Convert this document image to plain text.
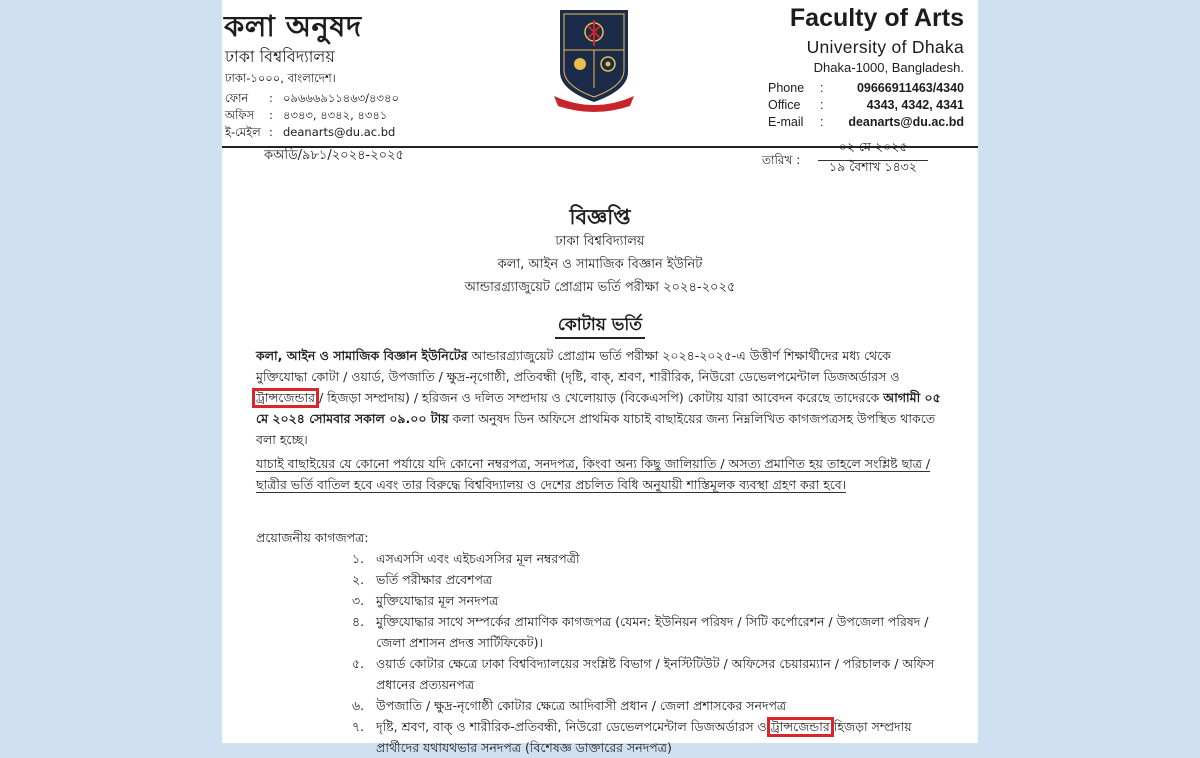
কলা অনুষদ
ঢাকা বিশ্ববিদ্যালয়
ঢাকা-১০০০, বাংলাদেশ।
ফোন : ০৯৬৬৬৯১১৪৬৩/৪৩৪০
অফিস : ৪৩৪৩, ৪৩৪২, ৪৩৪১
ই-মেইল : deanarts@du.ac.bd
Faculty of Arts
University of Dhaka
Dhaka-1000, Bangladesh.
Phone :	09666911463/4340
Office :	4343, 4342, 4341
E-mail : deanarts@du.ac.bd
কঅডি/৯৮১/২০২৪-২০২৫	তারিখ :
০২ মে ২০২৫
১৯ বৈশাখ ১৪৩২
বিজ্ঞপ্তি
ঢাকা বিশ্ববিদ্যালয়
কলা, আইন ও সামাজিক বিজ্ঞান ইউনিট
আন্ডারগ্র্যাজুয়েট প্রোগ্রাম ভর্তি পরীক্ষা ২০২৪-২০২৫
কোটায় ভর্তি
কলা, আইন ও সামাজিক বিজ্ঞান ইউনিটের আন্ডারগ্র্যাজুয়েট প্রোগ্রাম ভর্তি পরীক্ষা ২০২৪-২০২৫-এ উত্তীর্ণ শিক্ষার্থীদের মধ্য থেকে মুক্তিযোদ্ধা কোটা / ওয়ার্ড, উপজাতি / ক্ষুদ্র-নৃগোষ্ঠী, প্রতিবন্ধী (দৃষ্টি, বাক্, শ্রবণ, শারীরিক, নিউরো ডেভেলপমেন্টাল ডিজঅর্ডারস ও ট্রান্সজেন্ডার / হিজড়া সম্প্রদায়) / হরিজন ও দলিত সম্প্রদায় ও খেলোয়াড় (বিকেএসপি) কোটায় যারা আবেদন করেছে তাদেরকে আগামী ০৫ মে ২০২৪ সোমবার সকাল ০৯.০০ টায় কলা অনুষদ ডিন অফিসে প্রাথমিক যাচাই বাছাইয়ের জন্য নিম্নলিখিত কাগজপত্রসহ উপস্থিত থাকতে বলা হচ্ছে।
যাচাই বাছাইয়ের যে কোনো পর্যায়ে যদি কোনো নম্বরপত্র, সনদপত্র, কিংবা অন্য কিছু জালিয়াতি / অসত্য প্রমাণিত হয় তাহলে সংশ্লিষ্ট ছাত্র / ছাত্রীর ভর্তি বাতিল হবে এবং তার বিরুদ্ধে বিশ্ববিদ্যালয় ও দেশের প্রচলিত বিধি অনুযায়ী শাস্তিমূলক ব্যবস্থা গ্রহণ করা হবে।
প্রয়োজনীয় কাগজপত্র:
১. এসএসসি এবং এইচএসসির মূল নম্বরপত্রী
২. ভর্তি পরীক্ষার প্রবেশপত্র
৩. মুক্তিযোদ্ধার মূল সনদপত্র
৪. মুক্তিযোদ্ধার সাথে সম্পর্কের প্রামাণিক কাগজপত্র (যেমন: ইউনিয়ন পরিষদ / সিটি কর্পোরেশন / উপজেলা পরিষদ / জেলা প্রশাসন প্রদত্ত সার্টিফিকেট)।
৫. ওয়ার্ড কোটার ক্ষেত্রে ঢাকা বিশ্ববিদ্যালয়ের সংশ্লিষ্ট বিভাগ / ইনস্টিটিউট / অফিসের চেয়ারম্যান / পরিচালক / অফিস প্রধানের প্রত্যয়নপত্র
৬. উপজাতি / ক্ষুদ্র-নৃগোষ্ঠী কোটার ক্ষেত্রে আদিবাসী প্রধান / জেলা প্রশাসকের সনদপত্র
৭. দৃষ্টি, শ্রবণ, বাক্ ও শারীরিক-প্রতিবন্ধী, নিউরো ডেভেলপমেন্টাল ডিজঅর্ডারস ও ট্রান্সজেন্ডার হিজড়া সম্প্রদায় প্রার্থীদের যথাযথভার সনদপত্র (বিশেষজ্ঞ ডাক্তারের সনদপত্র)
